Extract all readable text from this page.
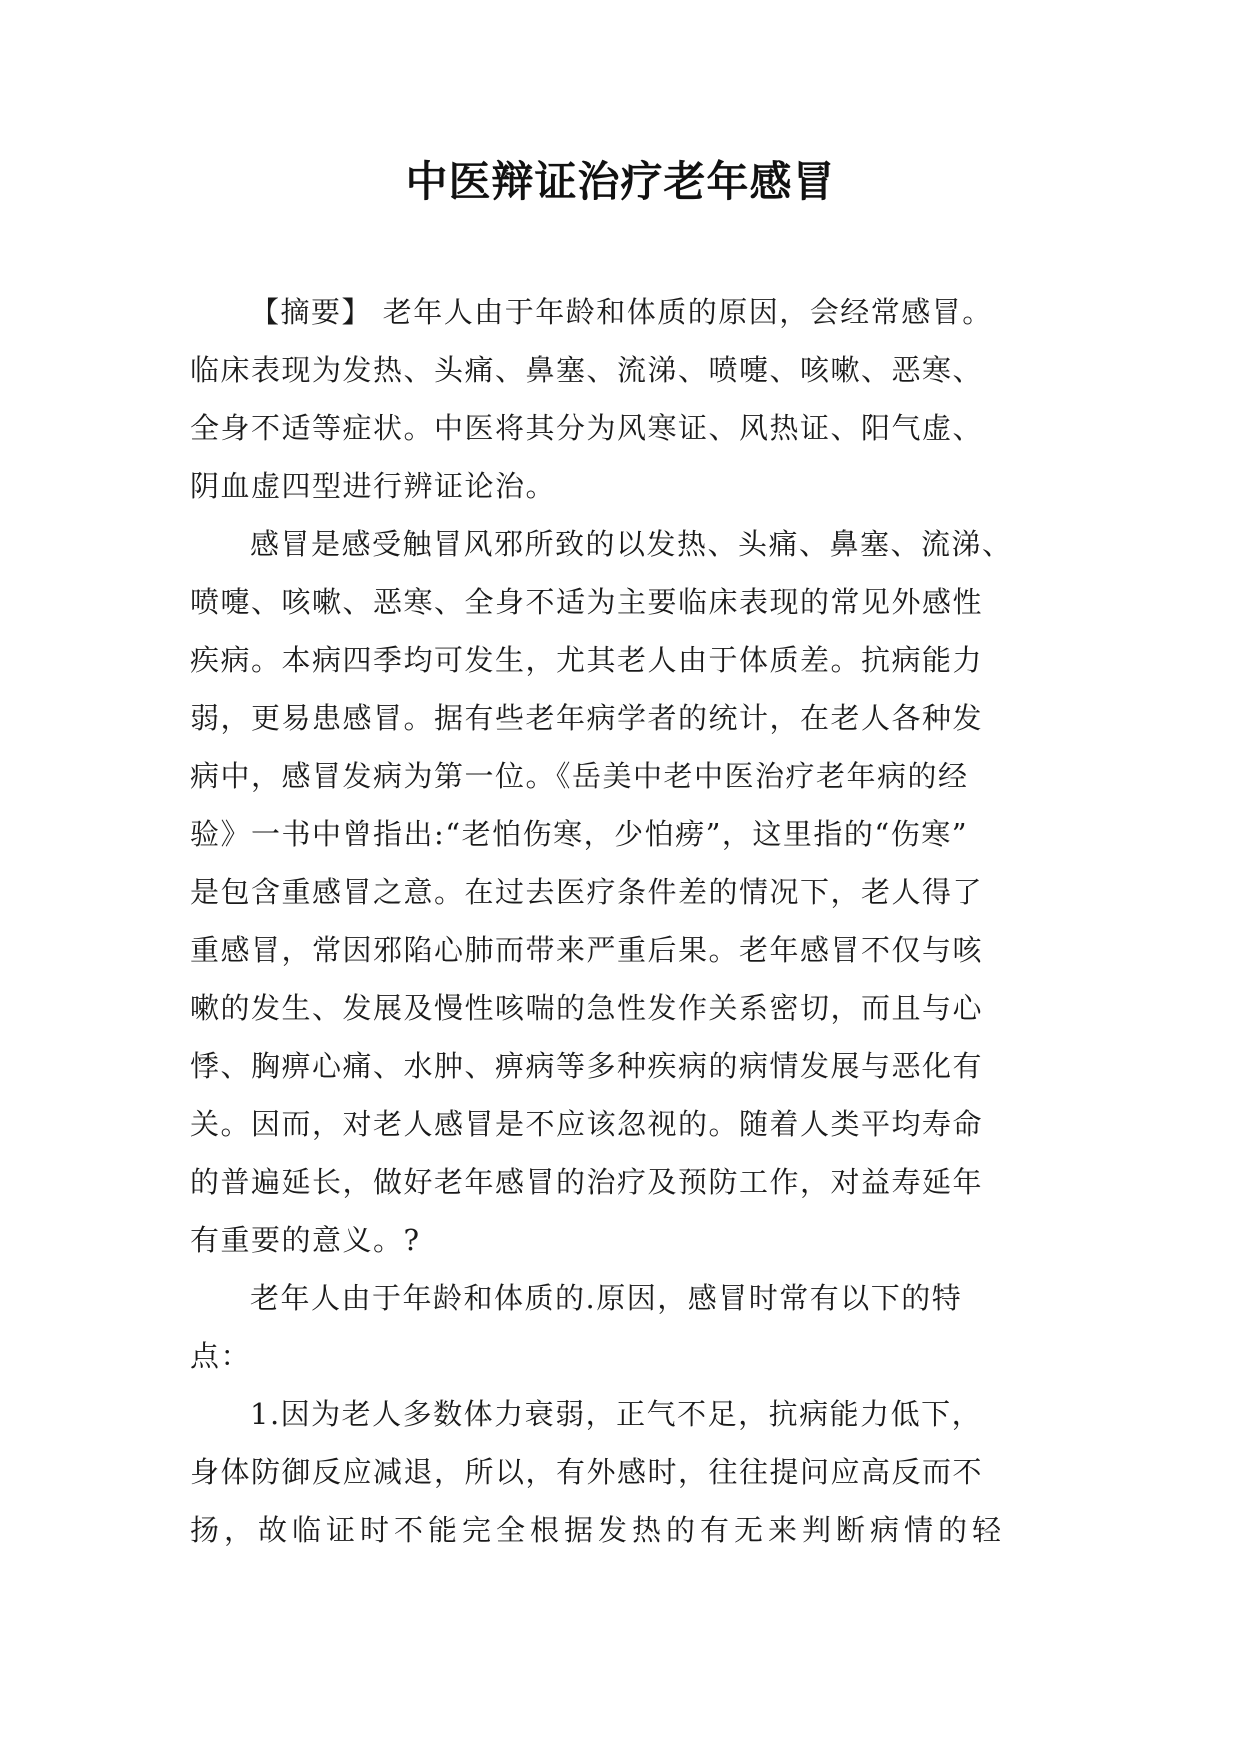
中医辩证治疗老年感冒
【摘要】 老年人由于年龄和体质的原因，会经常感冒。
临床表现为发热、头痛、鼻塞、流涕、喷嚏、咳嗽、恶寒、
全身不适等症状。中医将其分为风寒证、风热证、阳气虚、
阴血虚四型进行辨证论治。
感冒是感受触冒风邪所致的以发热、头痛、鼻塞、流涕、
喷嚏、咳嗽、恶寒、全身不适为主要临床表现的常见外感性
疾病。本病四季均可发生，尤其老人由于体质差。抗病能力
弱，更易患感冒。据有些老年病学者的统计，在老人各种发
病中，感冒发病为第一位。《岳美中老中医治疗老年病的经
验》一书中曾指出:“老怕伤寒，少怕痨”，这里指的“伤寒”
是包含重感冒之意。在过去医疗条件差的情况下，老人得了
重感冒，常因邪陷心肺而带来严重后果。老年感冒不仅与咳
嗽的发生、发展及慢性咳喘的急性发作关系密切，而且与心
悸、胸痹心痛、水肿、痹病等多种疾病的病情发展与恶化有
关。因而，对老人感冒是不应该忽视的。随着人类平均寿命
的普遍延长，做好老年感冒的治疗及预防工作，对益寿延年
有重要的意义。?
老年人由于年龄和体质的.原因，感冒时常有以下的特
点：
1.因为老人多数体力衰弱，正气不足，抗病能力低下，
身体防御反应减退，所以，有外感时，往往提问应高反而不
扬，故临证时不能完全根据发热的有无来判断病情的轻
